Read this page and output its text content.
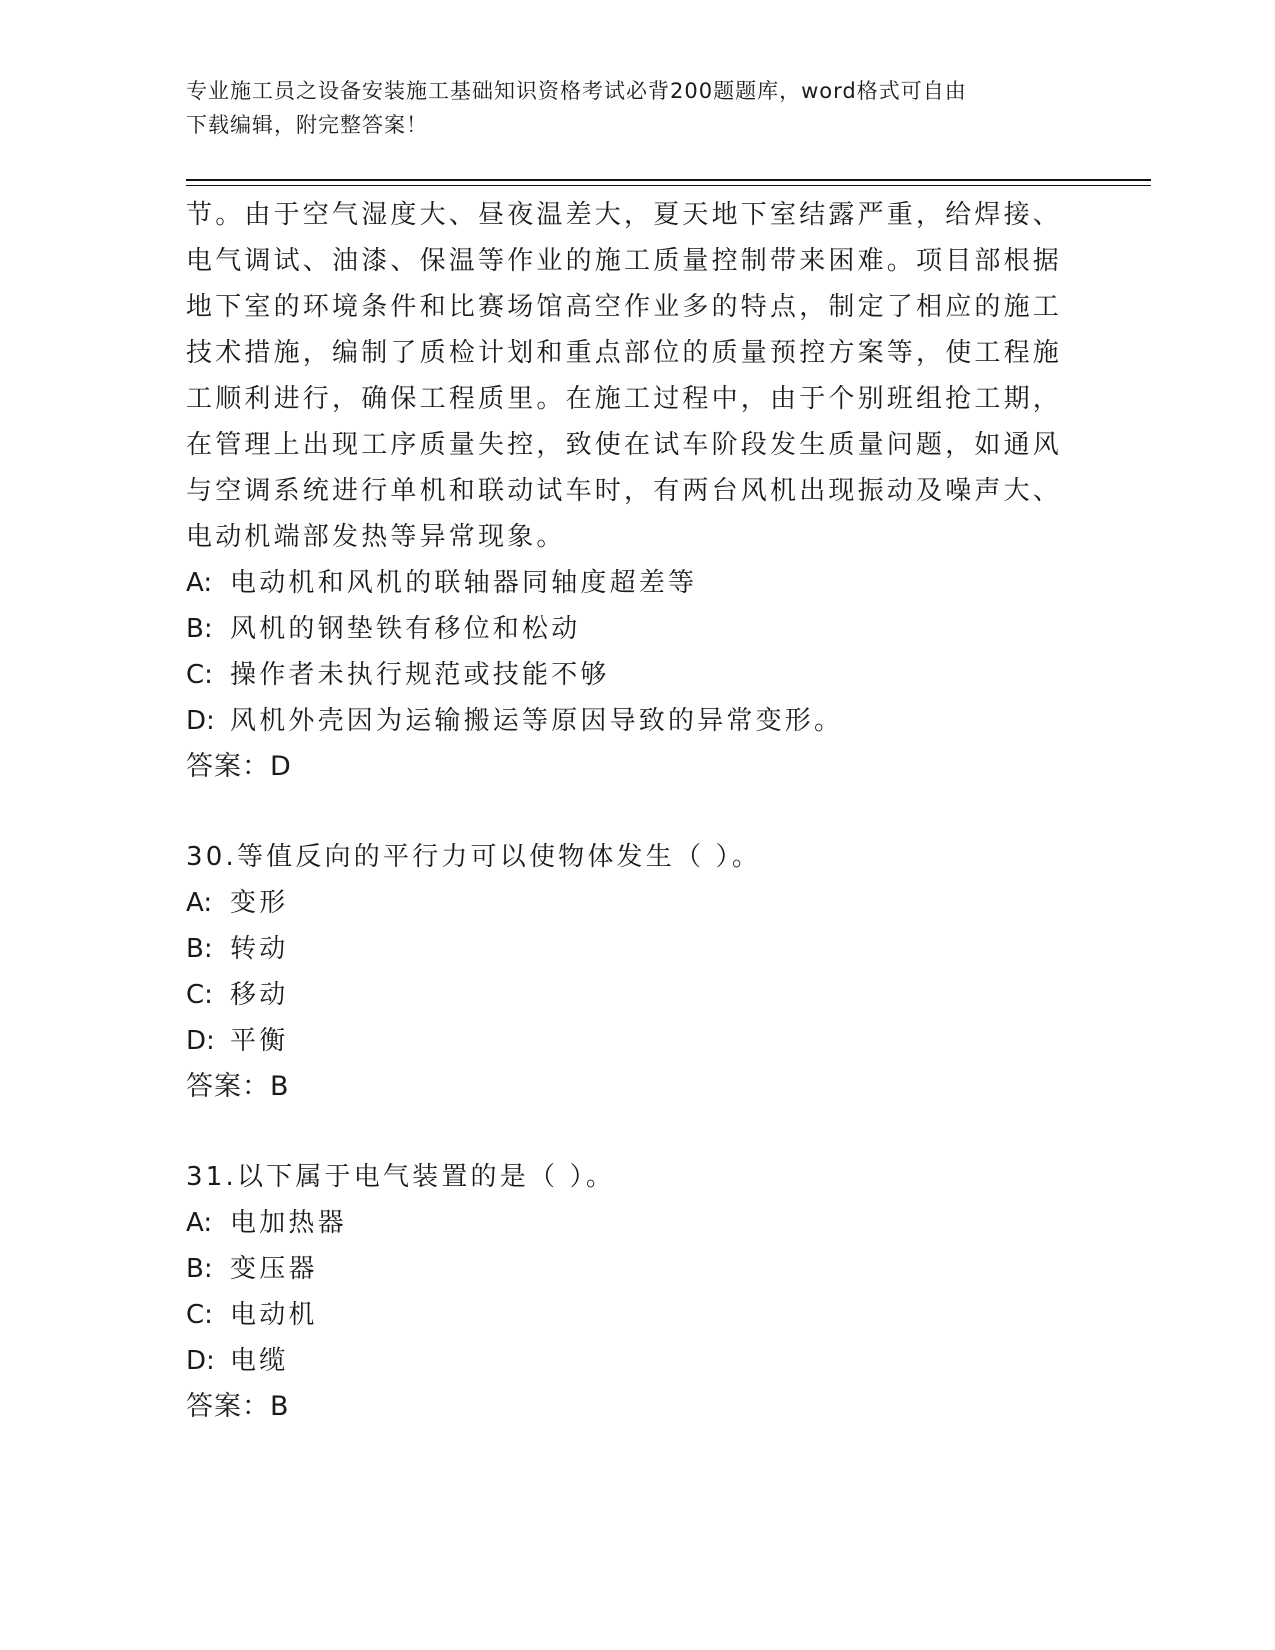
专业施工员之设备安装施工基础知识资格考试必背200题题库，word格式可自由
下载编辑，附完整答案！
节。由于空气湿度大、昼夜温差大，夏天地下室结露严重，给焊接、
电气调试、油漆、保温等作业的施工质量控制带来困难。项目部根据
地下室的环境条件和比赛场馆高空作业多的特点，制定了相应的施工
技术措施，编制了质检计划和重点部位的质量预控方案等，使工程施
工顺利进行，确保工程质里。在施工过程中，由于个别班组抢工期，
在管理上出现工序质量失控，致使在试车阶段发生质量问题，如通风
与空调系统进行单机和联动试车时，有两台风机出现振动及噪声大、
电动机端部发热等异常现象。
A: 电动机和风机的联轴器同轴度超差等
B: 风机的钢垫铁有移位和松动
C: 操作者未执行规范或技能不够
D: 风机外壳因为运输搬运等原因导致的异常变形。
答案：D
30.等值反向的平行力可以使物体发生（ ）。
A: 变形
B: 转动
C: 移动
D: 平衡
答案：B
31.以下属于电气装置的是（ ）。
A: 电加热器
B: 变压器
C: 电动机
D: 电缆
答案：B
